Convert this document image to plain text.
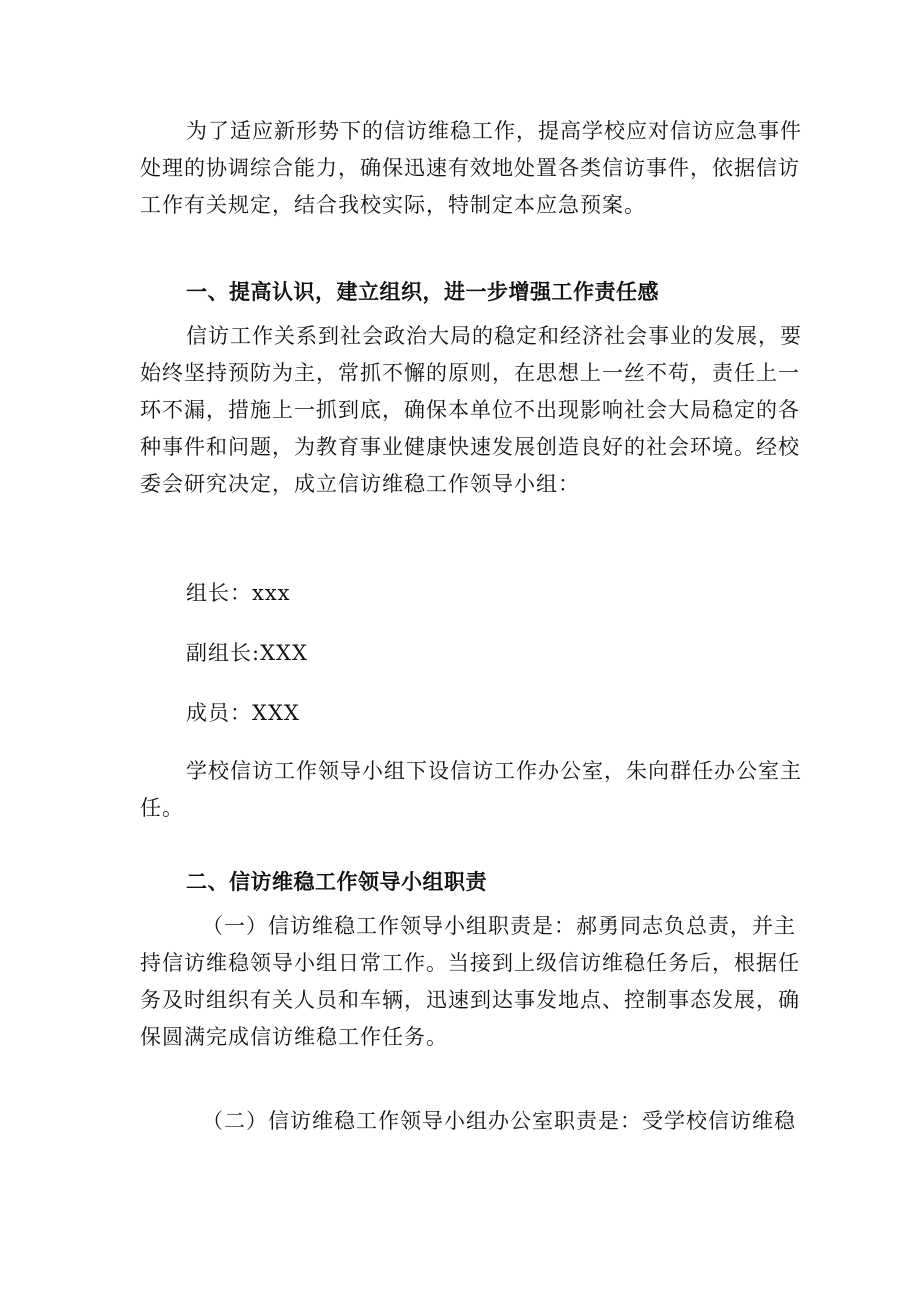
为了适应新形势下的信访维稳工作，提高学校应对信访应急事件
处理的协调综合能力，确保迅速有效地处置各类信访事件，依据信访
工作有关规定，结合我校实际，特制定本应急预案。
一、提高认识，建立组织，进一步增强工作责任感
信访工作关系到社会政治大局的稳定和经济社会事业的发展，要
始终坚持预防为主，常抓不懈的原则，在思想上一丝不苟，责任上一
环不漏，措施上一抓到底，确保本单位不出现影响社会大局稳定的各
种事件和问题，为教育事业健康快速发展创造良好的社会环境。经校
委会研究决定，成立信访维稳工作领导小组：

组长：xxx

副组长:XXX

成员：XXX

学校信访工作领导小组下设信访工作办公室，朱向群任办公室主
任。
二、信访维稳工作领导小组职责
（一）信访维稳工作领导小组职责是：郝勇同志负总责，并主
持信访维稳领导小组日常工作。当接到上级信访维稳任务后，根据任
务及时组织有关人员和车辆，迅速到达事发地点、控制事态发展，确
保圆满完成信访维稳工作任务。
（二）信访维稳工作领导小组办公室职责是：受学校信访维稳
